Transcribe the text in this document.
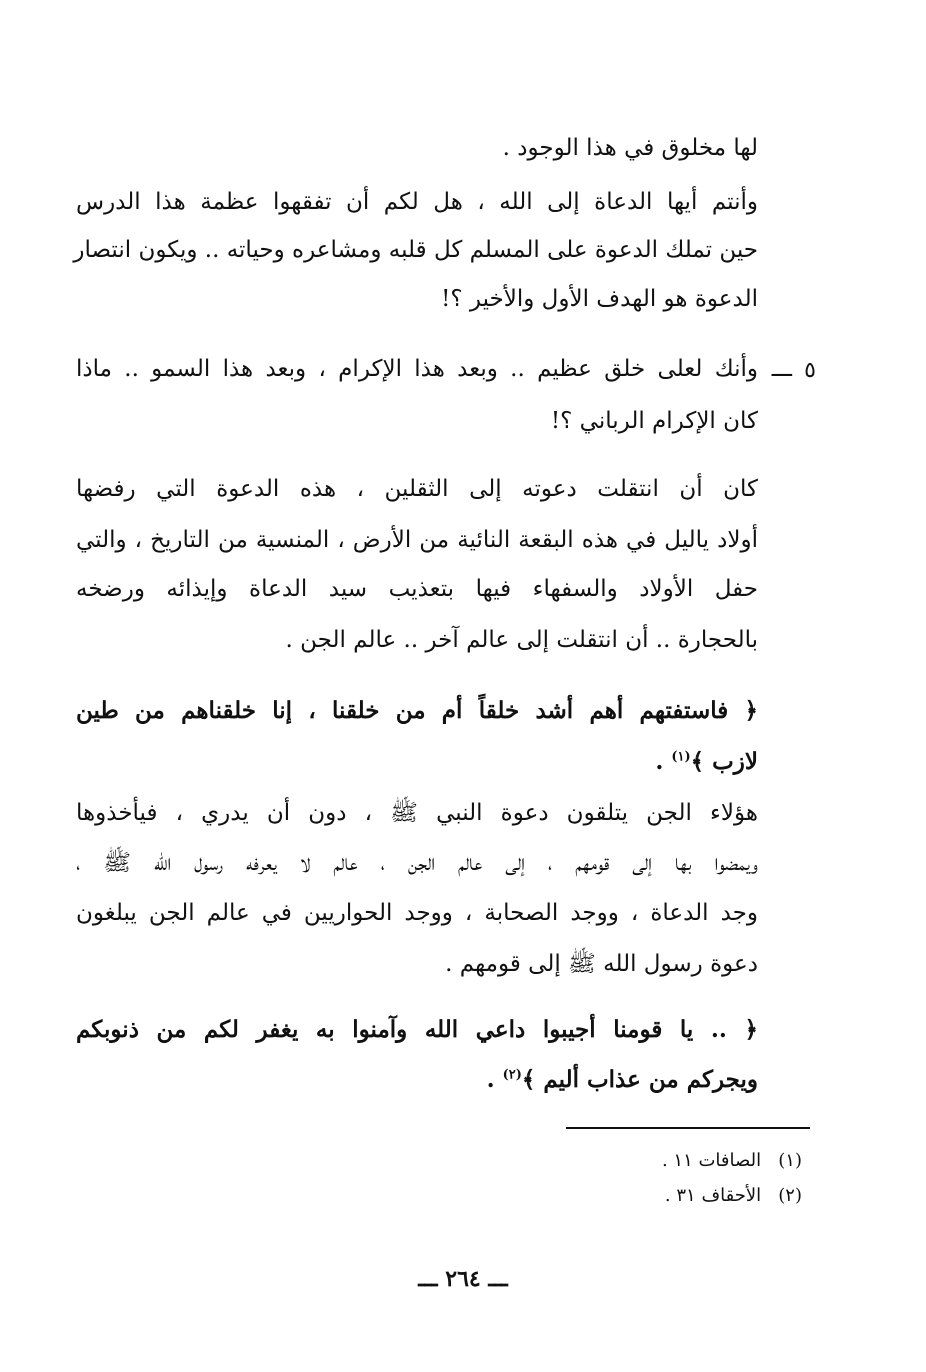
لها مخلوق في هذا الوجود .

وأنتم أيها الدعاة إلى الله ، هل لكم أن تفقهوا عظمة هذا الدرس

حين تملك الدعوة على المسلم كل قلبه ومشاعره وحياته .. ويكون انتصار

الدعوة هو الهدف الأول والأخير ؟!

٥
ـــ

وأنك لعلى خلق عظيم .. وبعد هذا الإكرام ، وبعد هذا السمو .. ماذا

كان الإكرام الرباني ؟!

كان أن انتقلت دعوته إلى الثقلين ، هذه الدعوة التي رفضها

أولاد ياليل في هذه البقعة النائية من الأرض ، المنسية من التاريخ ، والتي

حفل الأولاد والسفهاء فيها بتعذيب سيد الدعاة وإيذائه ورضخه

بالحجارة .. أن انتقلت إلى عالم آخر .. عالم الجن .

﴿ فاستفتهم أهم أشد خلقاً أم من خلقنا ، إنا خلقناهم من طين

لازب ﴾$^{(١)}$ .

هؤلاء الجن يتلقون دعوة النبي ﷺ ، دون أن يدري ، فيأخذوها

ويمضوا بها إلى قومهم ، إلى عالم الجن ، عالم لا يعرفه رسول الله ﷺ ،

وجد الدعاة ، ووجد الصحابة ، ووجد الحواريين في عالم الجن يبلغون

دعوة رسول الله ﷺ إلى قومهم .

﴿ .. يا قومنا أجيبوا داعي الله وآمنوا به يغفر لكم من ذنوبكم

ويجركم من عذاب أليم ﴾$^{(٢)}$ .

(١)   الصافات ١١ .
(٢)   الأحقاف ٣١ .
ـــ ٢٦٤ ـــ
